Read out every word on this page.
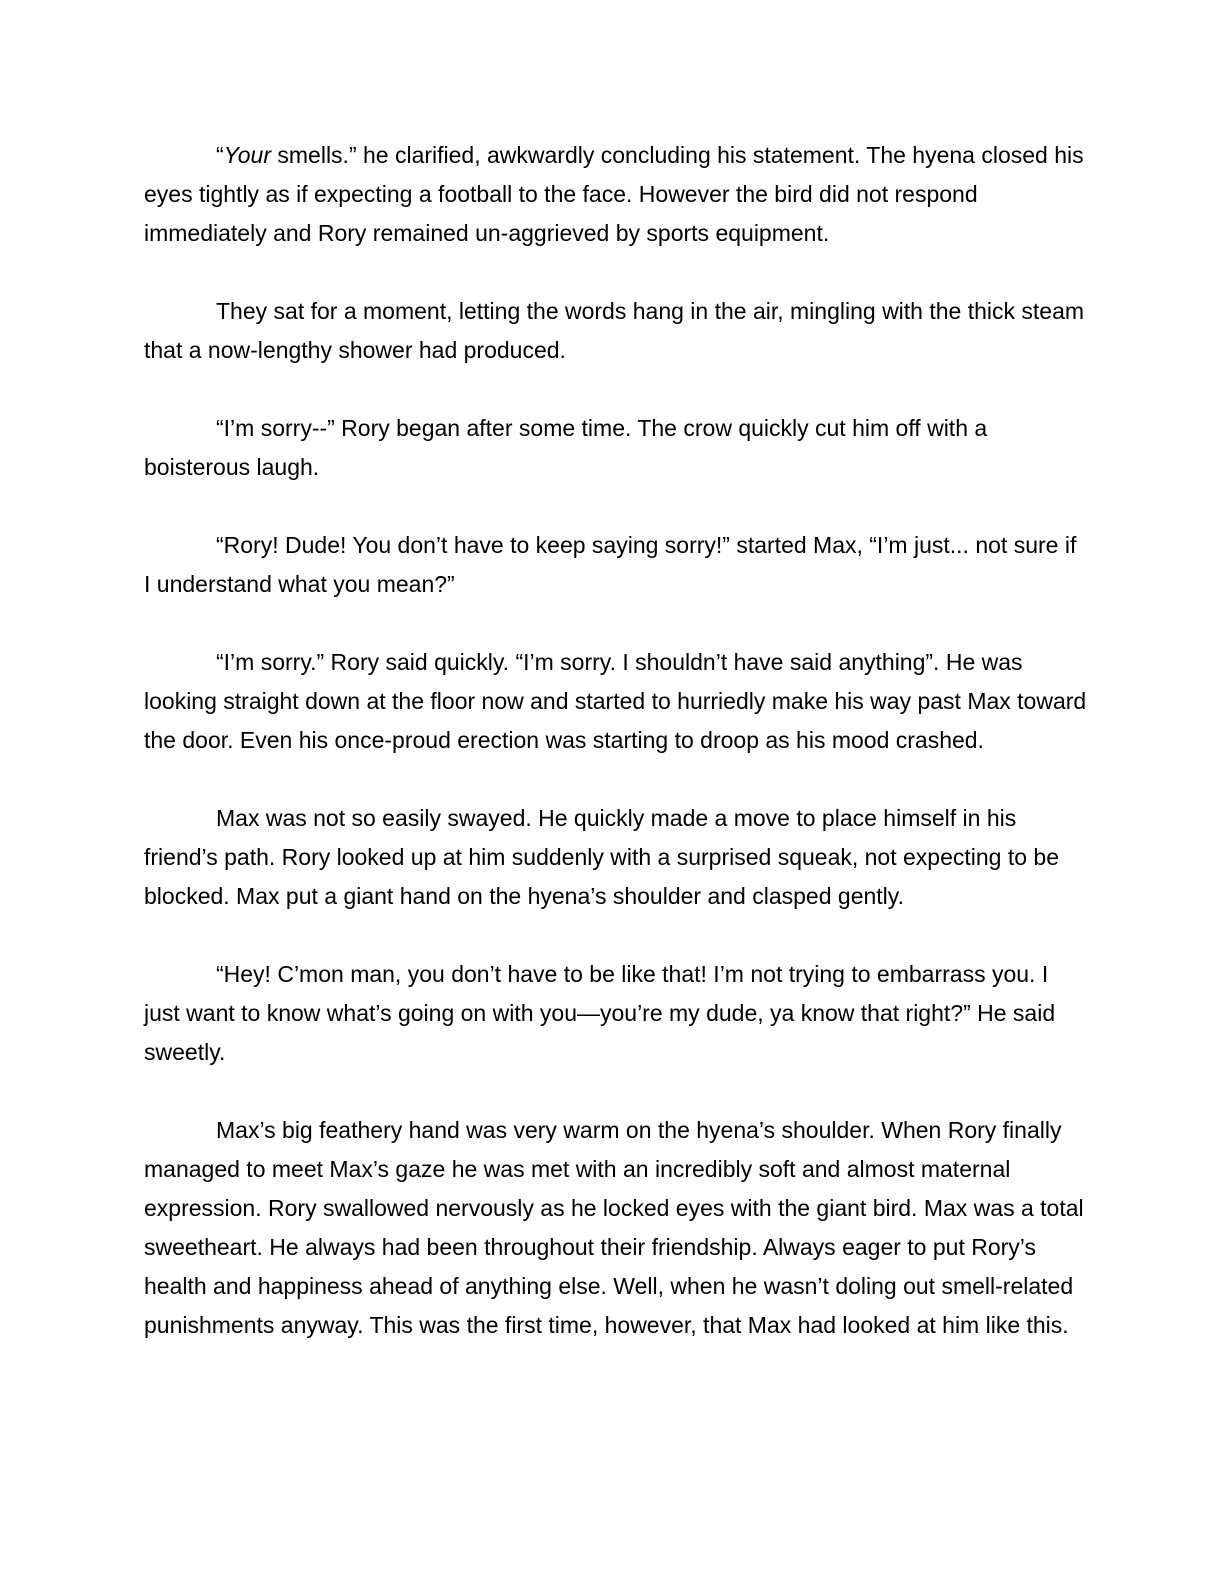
“Your smells.” he clarified, awkwardly concluding his statement. The hyena closed his eyes tightly as if expecting a football to the face. However the bird did not respond immediately and Rory remained un-aggrieved by sports equipment.

They sat for a moment, letting the words hang in the air, mingling with the thick steam that a now-lengthy shower had produced.

“I’m sorry--” Rory began after some time. The crow quickly cut him off with a boisterous laugh.

“Rory! Dude! You don’t have to keep saying sorry!” started Max, “I’m just... not sure if I understand what you mean?”

“I’m sorry.” Rory said quickly. “I’m sorry. I shouldn’t have said anything”. He was looking straight down at the floor now and started to hurriedly make his way past Max toward the door. Even his once-proud erection was starting to droop as his mood crashed.

Max was not so easily swayed. He quickly made a move to place himself in his friend’s path. Rory looked up at him suddenly with a surprised squeak, not expecting to be blocked. Max put a giant hand on the hyena’s shoulder and clasped gently.

“Hey! C’mon man, you don’t have to be like that! I’m not trying to embarrass you. I just want to know what’s going on with you—you’re my dude, ya know that right?” He said sweetly.

Max’s big feathery hand was very warm on the hyena’s shoulder. When Rory finally managed to meet Max’s gaze he was met with an incredibly soft and almost maternal expression. Rory swallowed nervously as he locked eyes with the giant bird. Max was a total sweetheart. He always had been throughout their friendship. Always eager to put Rory’s health and happiness ahead of anything else. Well, when he wasn’t doling out smell-related punishments anyway. This was the first time, however, that Max had looked at him like this.
